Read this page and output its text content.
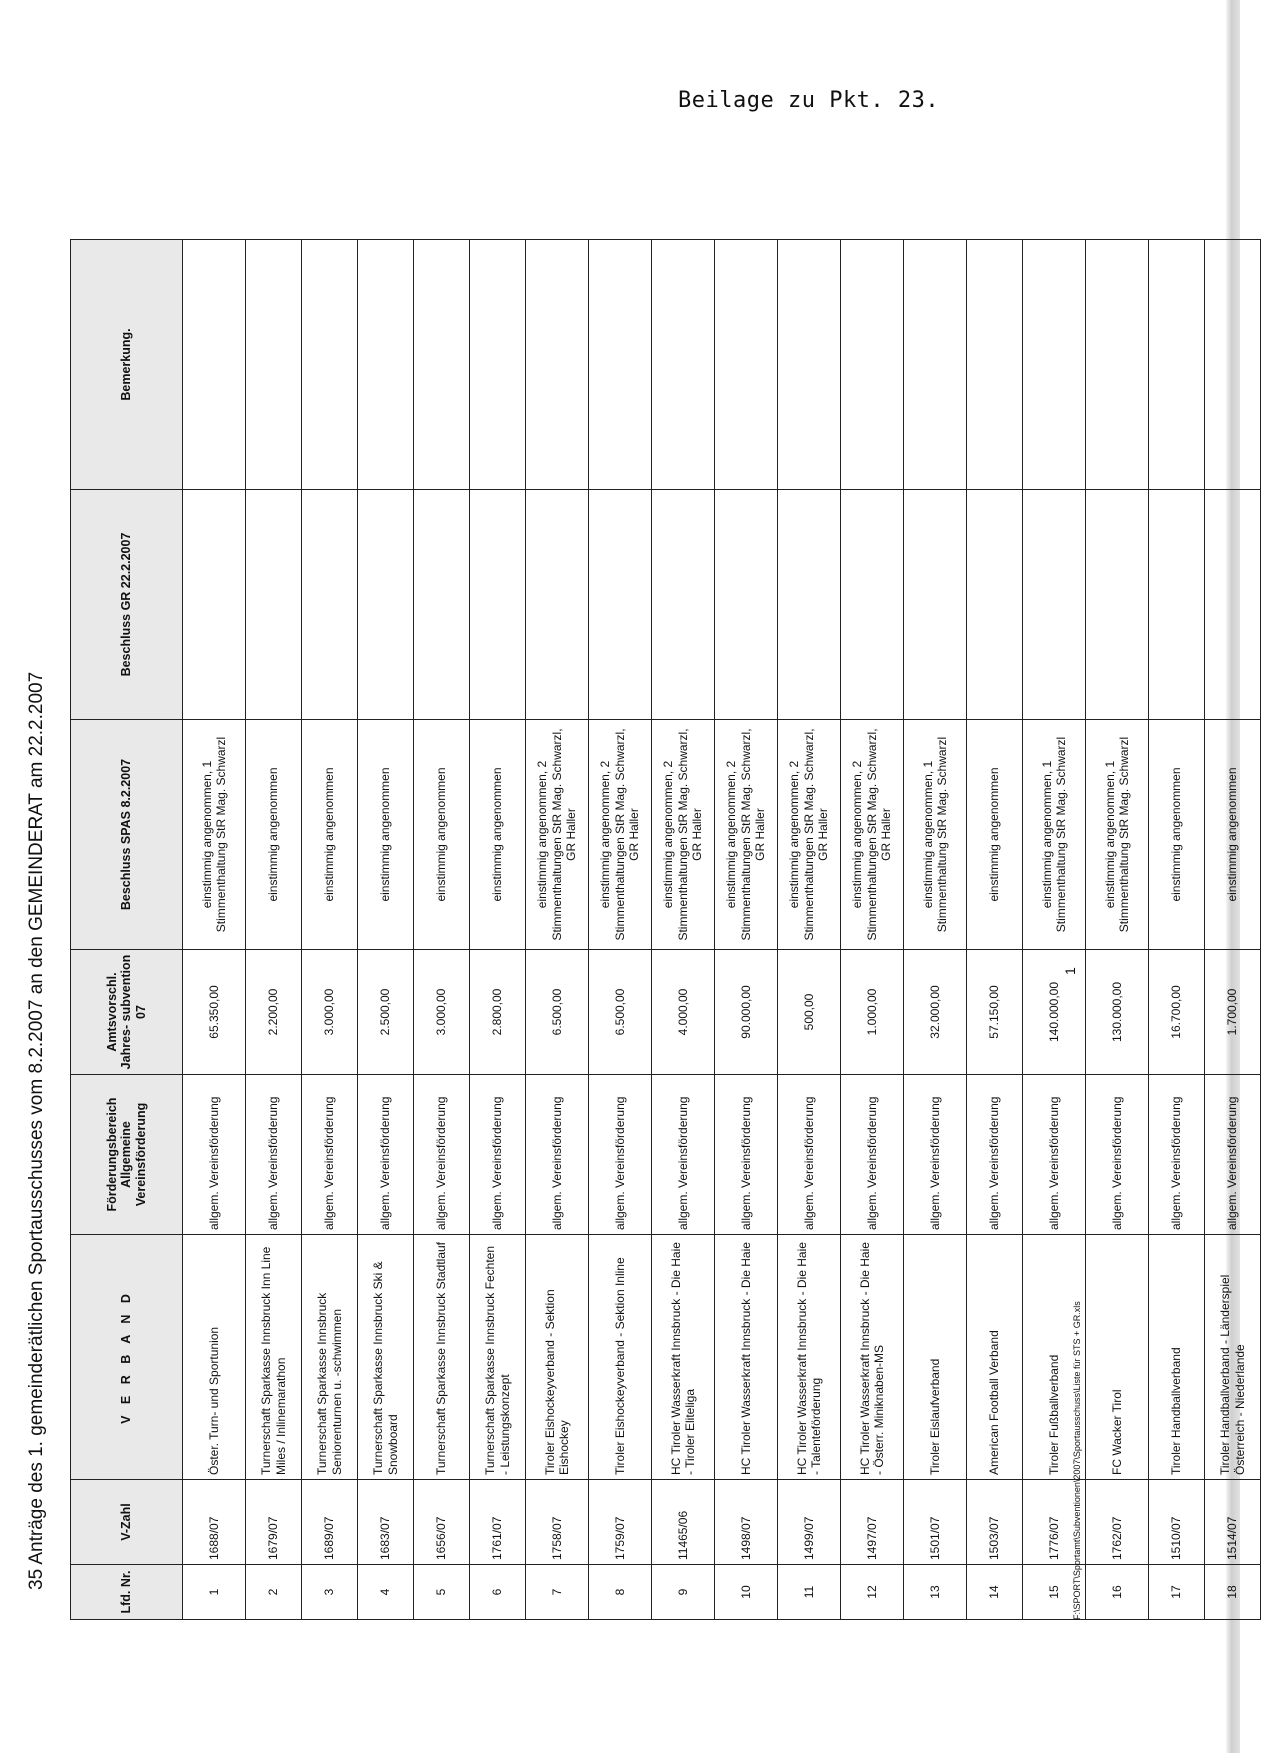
Beilage zu Pkt. 23.
35 Anträge des 1. gemeinderätlichen Sportausschusses vom 8.2.2007 an den GEMEINDERAT am 22.2.2007
Lfd. Nr.	V-Zahl	V E R B A N D	Förderungsbereich Allgemeine Vereinsförderung	Amtsvorschl. Jahres- subvention 07	Beschluss SPAS 8.2.2007	Beschluss GR 22.2.2007	Bemerkung.
1	1688/07	Öster. Turn- und Sportunion	allgem. Vereinsförderung	65.350,00	einstimmig angenommen, 1 Stimmenthaltung StR Mag. Schwarzl		
2	1679/07	Turnerschaft Sparkasse Innsbruck Inn Line Miles / Inlinemarathon	allgem. Vereinsförderung	2.200,00	einstimmig angenommen		
3	1689/07	Turnerschaft Sparkasse Innsbruck Seniorenturnen u. -schwimmen	allgem. Vereinsförderung	3.000,00	einstimmig angenommen		
4	1683/07	Turnerschaft Sparkasse Innsbruck Ski & Snowboard	allgem. Vereinsförderung	2.500,00	einstimmig angenommen		
5	1656/07	Turnerschaft Sparkasse Innsbruck Stadtlauf	allgem. Vereinsförderung	3.000,00	einstimmig angenommen		
6	1761/07	Turnerschaft Sparkasse Innsbruck Fechten - Leistungskonzept	allgem. Vereinsförderung	2.800,00	einstimmig angenommen		
7	1758/07	Tiroler Eishockeyverband - Sektion Eishockey	allgem. Vereinsförderung	6.500,00	einstimmig angenommen, 2 Stimmenthaltungen StR Mag. Schwarzl, GR Haller		
8	1759/07	Tiroler Eishockeyverband - Sektion Inline	allgem. Vereinsförderung	6.500,00	einstimmig angenommen, 2 Stimmenthaltungen StR Mag. Schwarzl, GR Haller		
9	11465/06	HC Tiroler Wasserkraft Innsbruck - Die Haie - Tiroler Eliteliga	allgem. Vereinsförderung	4.000,00	einstimmig angenommen, 2 Stimmenthaltungen StR Mag. Schwarzl, GR Haller		
10	1498/07	HC Tiroler Wasserkraft Innsbruck - Die Haie	allgem. Vereinsförderung	90.000,00	einstimmig angenommen, 2 Stimmenthaltungen StR Mag. Schwarzl, GR Haller		
11	1499/07	HC Tiroler Wasserkraft Innsbruck - Die Haie - Talenteförderung	allgem. Vereinsförderung	500,00	einstimmig angenommen, 2 Stimmenthaltungen StR Mag. Schwarzl, GR Haller		
12	1497/07	HC Tiroler Wasserkraft Innsbruck - Die Haie - Österr. Miniknaben-MS	allgem. Vereinsförderung	1.000,00	einstimmig angenommen, 2 Stimmenthaltungen StR Mag. Schwarzl, GR Haller		
13	1501/07	Tiroler Eislaufverband	allgem. Vereinsförderung	32.000,00	einstimmig angenommen, 1 Stimmenthaltung StR Mag. Schwarzl		
14	1503/07	American Football Verband	allgem. Vereinsförderung	57.150,00	einstimmig angenommen		
15	1776/07	Tiroler Fußballverband	allgem. Vereinsförderung	140.000,00	einstimmig angenommen, 1 Stimmenthaltung StR Mag. Schwarzl		
16	1762/07	FC Wacker Tirol	allgem. Vereinsförderung	130.000,00	einstimmig angenommen, 1 Stimmenthaltung StR Mag. Schwarzl		
17	1510/07	Tiroler Handballverband	allgem. Vereinsförderung	16.700,00	einstimmig angenommen		
18	1514/07	Tiroler Handballverband - Länderspiel Österreich - Niederlande	allgem. Vereinsförderung	1.700,00	einstimmig angenommen		
1
F:\SPORT\Sportamt\Subventionen\2007\Sportausschuss\Liste für STS + GR.xls
